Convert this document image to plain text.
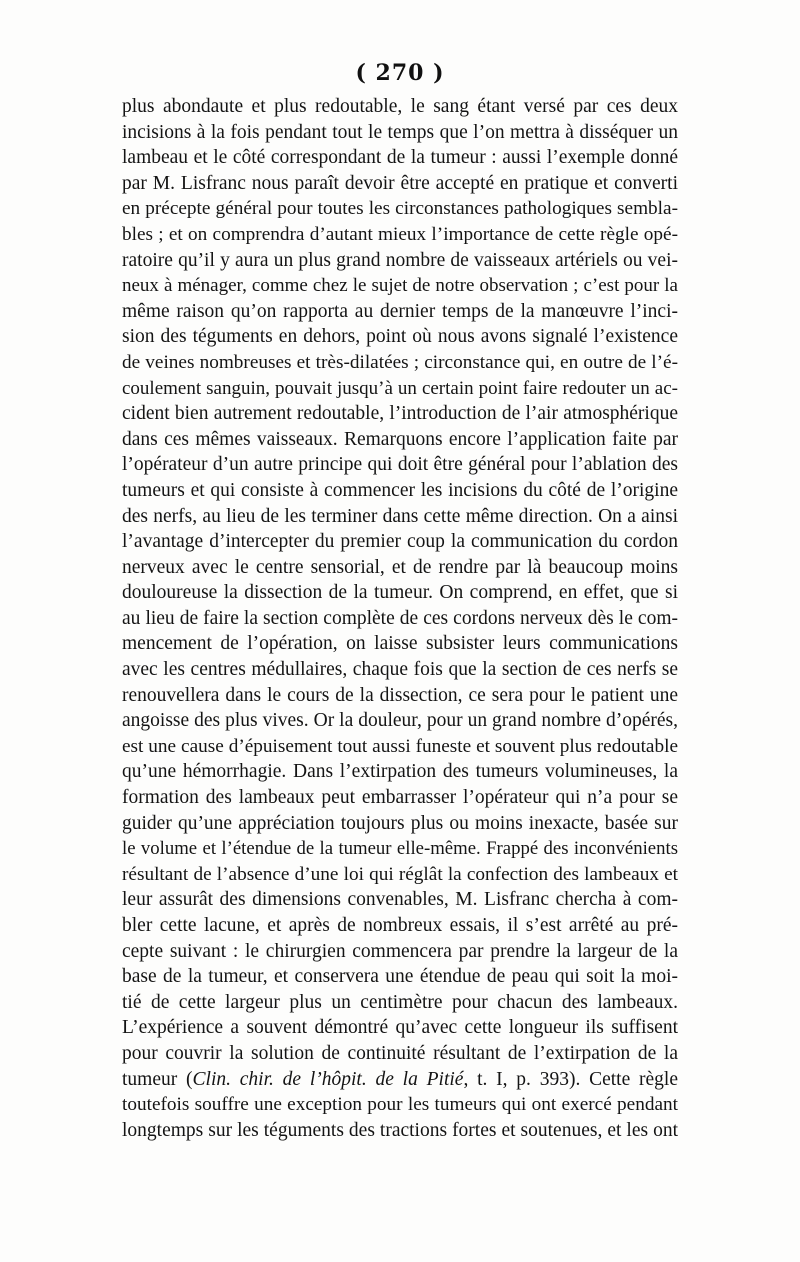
( 270 )
plus abondaute et plus redoutable, le sang étant versé par ces deux
incisions à la fois pendant tout le temps que l’on mettra à disséquer un
lambeau et le côté correspondant de la tumeur : aussi l’exemple donné
par M. Lisfranc nous paraît devoir être accepté en pratique et converti
en précepte général pour toutes les circonstances pathologiques sembla-
bles ; et on comprendra d’autant mieux l’importance de cette règle opé-
ratoire qu’il y aura un plus grand nombre de vaisseaux artériels ou vei-
neux à ménager, comme chez le sujet de notre observation ; c’est pour la
même raison qu’on rapporta au dernier temps de la manœuvre l’inci-
sion des téguments en dehors, point où nous avons signalé l’existence
de veines nombreuses et très-dilatées ; circonstance qui, en outre de l’é-
coulement sanguin, pouvait jusqu’à un certain point faire redouter un ac-
cident bien autrement redoutable, l’introduction de l’air atmosphérique
dans ces mêmes vaisseaux. Remarquons encore l’application faite par
l’opérateur d’un autre principe qui doit être général pour l’ablation des
tumeurs et qui consiste à commencer les incisions du côté de l’origine
des nerfs, au lieu de les terminer dans cette même direction. On a ainsi
l’avantage d’intercepter du premier coup la communication du cordon
nerveux avec le centre sensorial, et de rendre par là beaucoup moins
douloureuse la dissection de la tumeur. On comprend, en effet, que si
au lieu de faire la section complète de ces cordons nerveux dès le com-
mencement de l’opération, on laisse subsister leurs communications
avec les centres médullaires, chaque fois que la section de ces nerfs se
renouvellera dans le cours de la dissection, ce sera pour le patient une
angoisse des plus vives. Or la douleur, pour un grand nombre d’opérés,
est une cause d’épuisement tout aussi funeste et souvent plus redoutable
qu’une hémorrhagie. Dans l’extirpation des tumeurs volumineuses, la
formation des lambeaux peut embarrasser l’opérateur qui n’a pour se
guider qu’une appréciation toujours plus ou moins inexacte, basée sur
le volume et l’étendue de la tumeur elle-même. Frappé des inconvénients
résultant de l’absence d’une loi qui réglât la confection des lambeaux et
leur assurât des dimensions convenables, M. Lisfranc chercha à com-
bler cette lacune, et après de nombreux essais, il s’est arrêté au pré-
cepte suivant : le chirurgien commencera par prendre la largeur de la
base de la tumeur, et conservera une étendue de peau qui soit la moi-
tié de cette largeur plus un centimètre pour chacun des lambeaux.
L’expérience a souvent démontré qu’avec cette longueur ils suffisent
pour couvrir la solution de continuité résultant de l’extirpation de la
tumeur (Clin. chir. de l’hôpit. de la Pitié, t. I, p. 393). Cette règle
toutefois souffre une exception pour les tumeurs qui ont exercé pendant
longtemps sur les téguments des tractions fortes et soutenues, et les ont
